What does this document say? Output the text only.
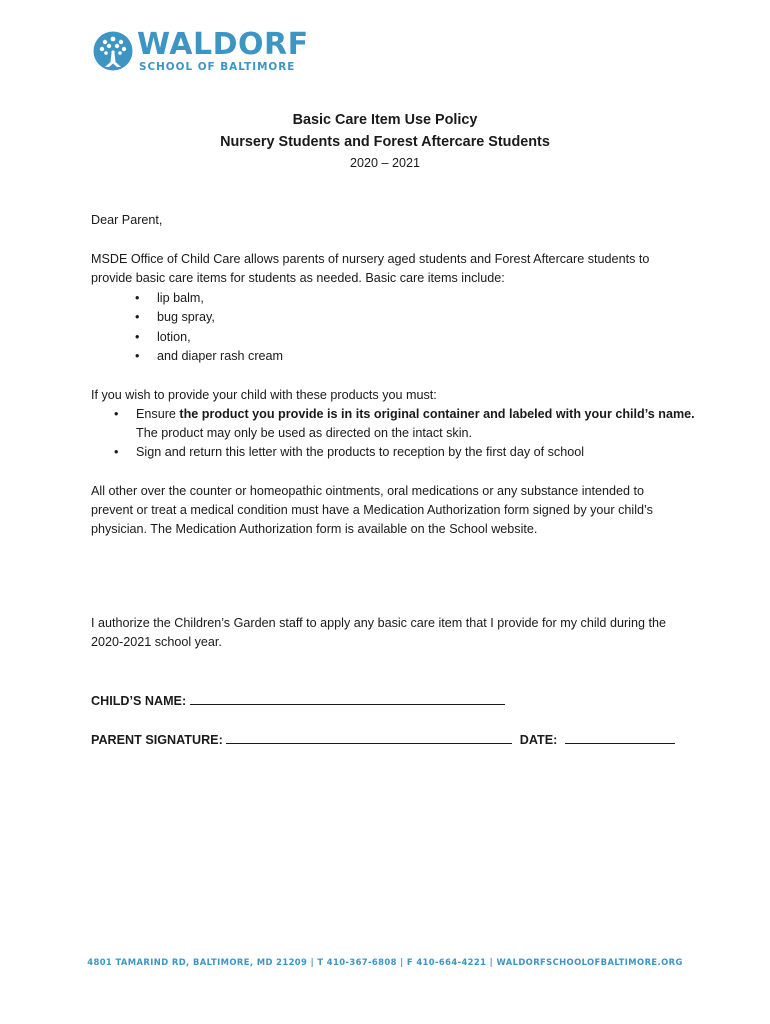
WALDORF
SCHOOL OF BALTIMORE
Basic Care Item Use Policy
Nursery Students and Forest Aftercare Students
2020 – 2021
Dear Parent,
MSDE Office of Child Care allows parents of nursery aged students and Forest Aftercare students to provide basic care items for students as needed. Basic care items include:
• lip balm,
• bug spray,
• lotion,
• and diaper rash cream
If you wish to provide your child with these products you must:
• Ensure the product you provide is in its original container and labeled with your child’s name. The product may only be used as directed on the intact skin.
• Sign and return this letter with the products to reception by the first day of school
All other over the counter or homeopathic ointments, oral medications or any substance intended to prevent or treat a medical condition must have a Medication Authorization form signed by your child’s physician. The Medication Authorization form is available on the School website.
I authorize the Children’s Garden staff to apply any basic care item that I provide for my child during the 2020-2021 school year.
CHILD’S NAME:
PARENT SIGNATURE:	DATE:
4801 TAMARIND RD, BALTIMORE, MD 21209 | T 410-367-6808 | F 410-664-4221 | WALDORFSCHOOLOFBALTIMORE.ORG
